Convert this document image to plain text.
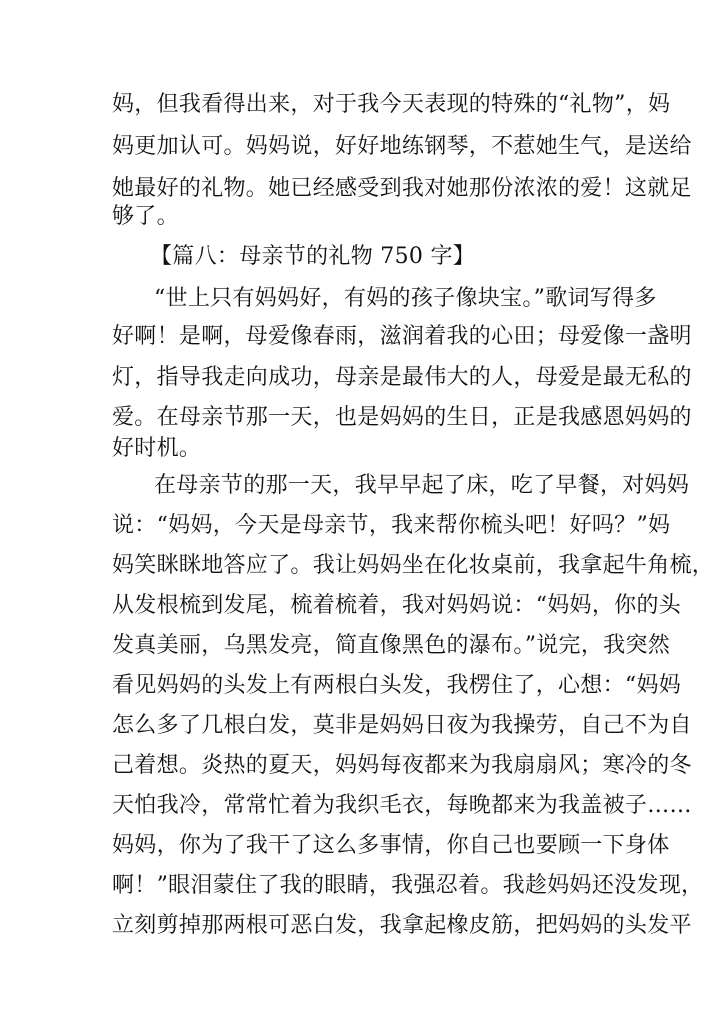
妈，但我看得出来，对于我今天表现的特殊的“礼物”，妈
妈更加认可。妈妈说，好好地练钢琴，不惹她生气，是送给
她最好的礼物。她已经感受到我对她那份浓浓的爱！这就足
够了。
【篇八：母亲节的礼物 750 字】
“世上只有妈妈好，有妈的孩子像块宝。”歌词写得多
好啊！是啊，母爱像春雨，滋润着我的心田；母爱像一盏明
灯，指导我走向成功，母亲是最伟大的人，母爱是最无私的
爱。在母亲节那一天，也是妈妈的生日，正是我感恩妈妈的
好时机。
在母亲节的那一天，我早早起了床，吃了早餐，对妈妈
说：“妈妈，今天是母亲节，我来帮你梳头吧！好吗？”妈
妈笑眯眯地答应了。我让妈妈坐在化妆桌前，我拿起牛角梳，
从发根梳到发尾，梳着梳着，我对妈妈说：“妈妈，你的头
发真美丽，乌黑发亮，简直像黑色的瀑布。”说完，我突然
看见妈妈的头发上有两根白头发，我楞住了，心想：“妈妈
怎么多了几根白发，莫非是妈妈日夜为我操劳，自己不为自
己着想。炎热的夏天，妈妈每夜都来为我扇扇风；寒冷的冬
天怕我冷，常常忙着为我织毛衣，每晚都来为我盖被子……
妈妈，你为了我干了这么多事情，你自己也要顾一下身体
啊！”眼泪蒙住了我的眼睛，我强忍着。我趁妈妈还没发现，
立刻剪掉那两根可恶白发，我拿起橡皮筋，把妈妈的头发平
